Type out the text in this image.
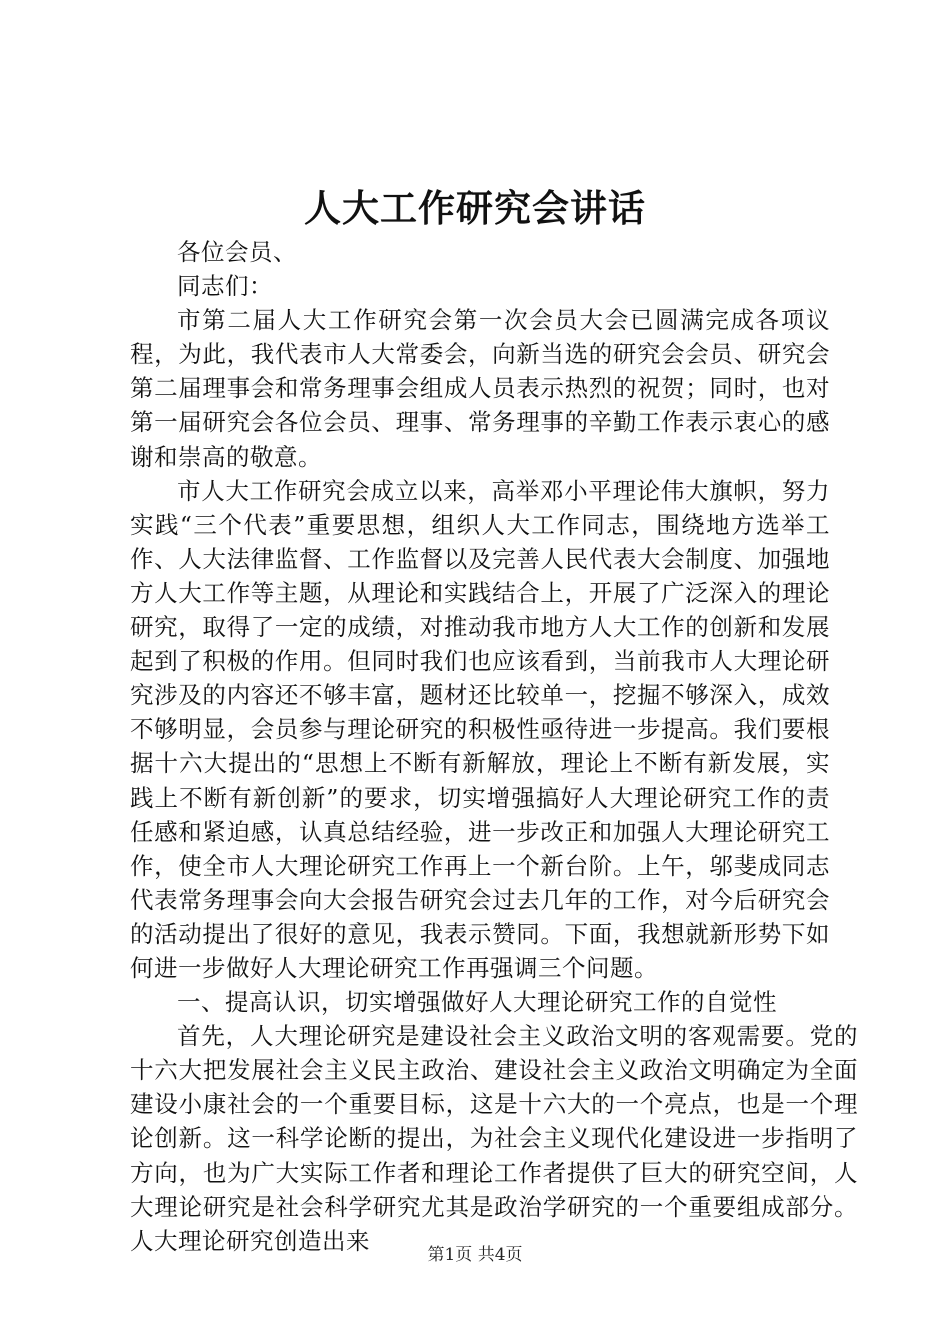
人大工作研究会讲话

各位会员、

同志们：

市第二届人大工作研究会第一次会员大会已圆满完成各项议程，为此，我代表市人大常委会，向新当选的研究会会员、研究会第二届理事会和常务理事会组成人员表示热烈的祝贺；同时，也对第一届研究会各位会员、理事、常务理事的辛勤工作表示衷心的感谢和崇高的敬意。

市人大工作研究会成立以来，高举邓小平理论伟大旗帜，努力实践“三个代表”重要思想，组织人大工作同志，围绕地方选举工作、人大法律监督、工作监督以及完善人民代表大会制度、加强地方人大工作等主题，从理论和实践结合上，开展了广泛深入的理论研究，取得了一定的成绩，对推动我市地方人大工作的创新和发展起到了积极的作用。但同时我们也应该看到，当前我市人大理论研究涉及的内容还不够丰富，题材还比较单一，挖掘不够深入，成效不够明显，会员参与理论研究的积极性亟待进一步提高。我们要根据十六大提出的“思想上不断有新解放，理论上不断有新发展，实践上不断有新创新”的要求，切实增强搞好人大理论研究工作的责任感和紧迫感，认真总结经验，进一步改正和加强人大理论研究工作，使全市人大理论研究工作再上一个新台阶。上午，邬斐成同志代表常务理事会向大会报告研究会过去几年的工作，对今后研究会的活动提出了很好的意见，我表示赞同。下面，我想就新形势下如何进一步做好人大理论研究工作再强调三个问题。

一、提高认识，切实增强做好人大理论研究工作的自觉性

首先，人大理论研究是建设社会主义政治文明的客观需要。党的十六大把发展社会主义民主政治、建设社会主义政治文明确定为全面建设小康社会的一个重要目标，这是十六大的一个亮点，也是一个理论创新。这一科学论断的提出，为社会主义现代化建设进一步指明了方向，也为广大实际工作者和理论工作者提供了巨大的研究空间，人大理论研究是社会科学研究尤其是政治学研究的一个重要组成部分。人大理论研究创造出来

第1页 共4页
